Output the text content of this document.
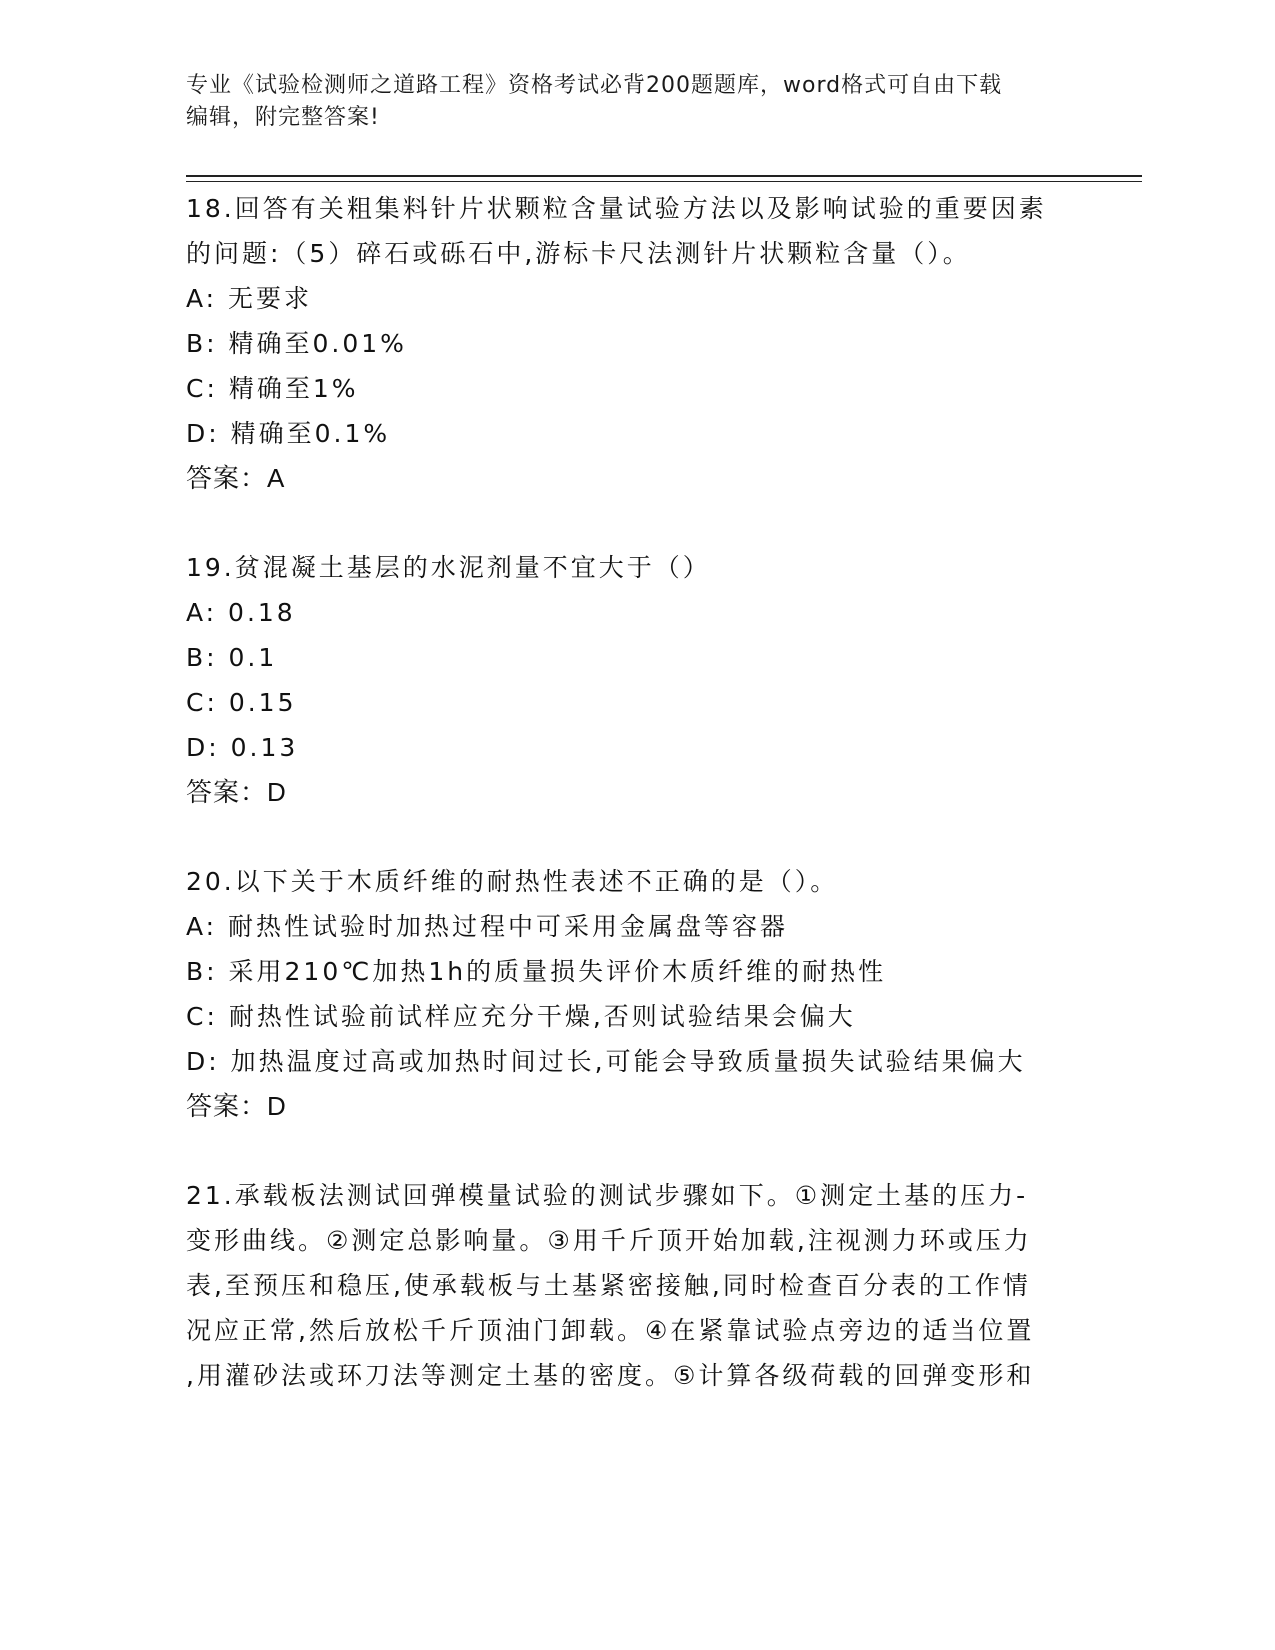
专业《试验检测师之道路工程》资格考试必背200题题库，word格式可自由下载
编辑，附完整答案!
18.回答有关粗集料针片状颗粒含量试验方法以及影响试验的重要因素
的问题:（5）碎石或砾石中,游标卡尺法测针片状颗粒含量（）。
A: 无要求
B: 精确至0.01%
C: 精确至1%
D: 精确至0.1%
答案：A
19.贫混凝土基层的水泥剂量不宜大于（）
A: 0.18
B: 0.1
C: 0.15
D: 0.13
答案：D
20.以下关于木质纤维的耐热性表述不正确的是（）。
A: 耐热性试验时加热过程中可采用金属盘等容器
B: 采用210℃加热1h的质量损失评价木质纤维的耐热性
C: 耐热性试验前试样应充分干燥,否则试验结果会偏大
D: 加热温度过高或加热时间过长,可能会导致质量损失试验结果偏大
答案：D
21.承载板法测试回弹模量试验的测试步骤如下。①测定土基的压力-
变形曲线。②测定总影响量。③用千斤顶开始加载,注视测力环或压力
表,至预压和稳压,使承载板与土基紧密接触,同时检查百分表的工作情
况应正常,然后放松千斤顶油门卸载。④在紧靠试验点旁边的适当位置
,用灌砂法或环刀法等测定土基的密度。⑤计算各级荷载的回弹变形和
